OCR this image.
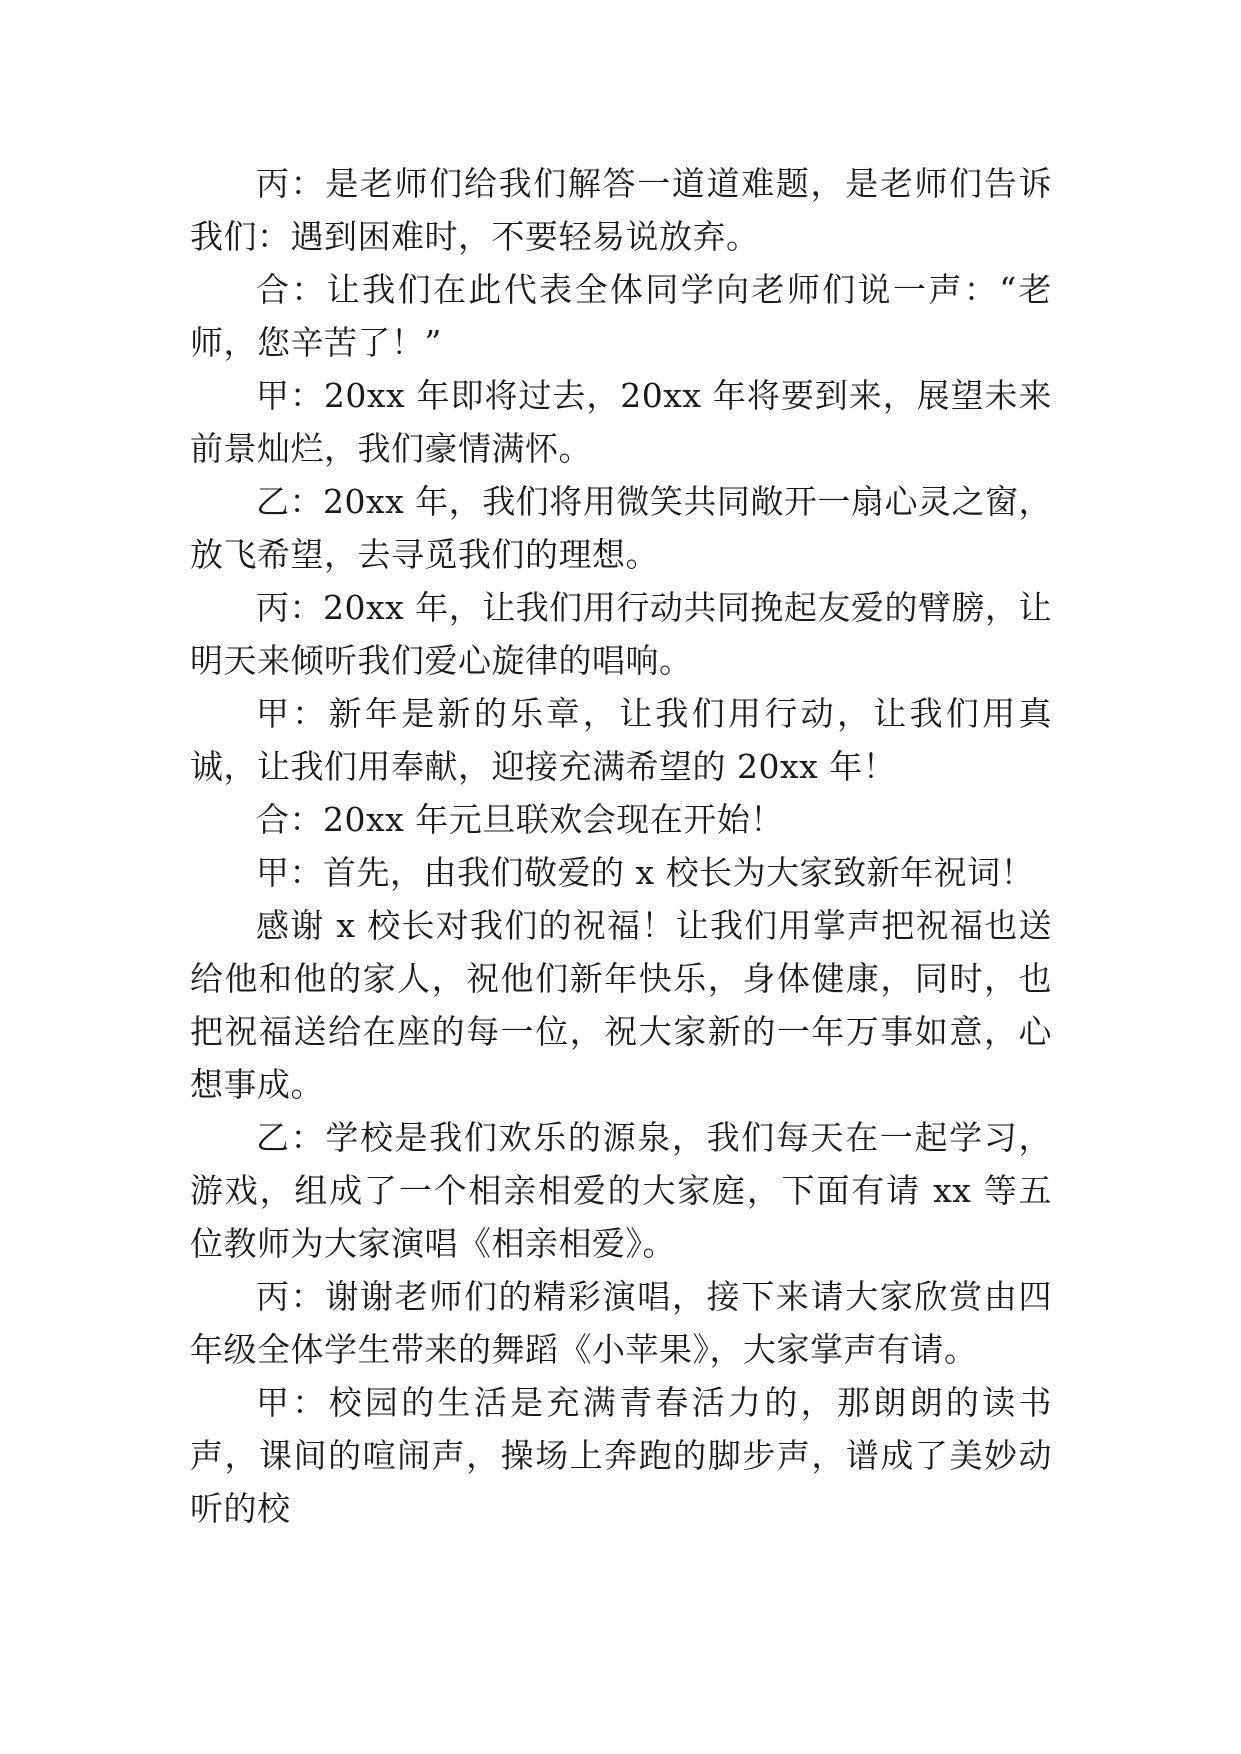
丙：是老师们给我们解答一道道难题，是老师们告诉我们：遇到困难时，不要轻易说放弃。

合：让我们在此代表全体同学向老师们说一声：“老师，您辛苦了！”

甲：20xx 年即将过去，20xx 年将要到来，展望未来前景灿烂，我们豪情满怀。

乙：20xx 年，我们将用微笑共同敞开一扇心灵之窗，放飞希望，去寻觅我们的理想。

丙：20xx 年，让我们用行动共同挽起友爱的臂膀，让明天来倾听我们爱心旋律的唱响。

甲：新年是新的乐章，让我们用行动，让我们用真诚，让我们用奉献，迎接充满希望的 20xx 年！

合：20xx 年元旦联欢会现在开始！

甲：首先，由我们敬爱的 x 校长为大家致新年祝词！

感谢 x 校长对我们的祝福！让我们用掌声把祝福也送给他和他的家人，祝他们新年快乐，身体健康，同时，也把祝福送给在座的每一位，祝大家新的一年万事如意，心想事成。

乙：学校是我们欢乐的源泉，我们每天在一起学习，游戏，组成了一个相亲相爱的大家庭，下面有请 xx 等五位教师为大家演唱《相亲相爱》。

丙：谢谢老师们的精彩演唱，接下来请大家欣赏由四年级全体学生带来的舞蹈《小苹果》，大家掌声有请。

甲：校园的生活是充满青春活力的，那朗朗的读书声，课间的喧闹声，操场上奔跑的脚步声，谱成了美妙动听的校
